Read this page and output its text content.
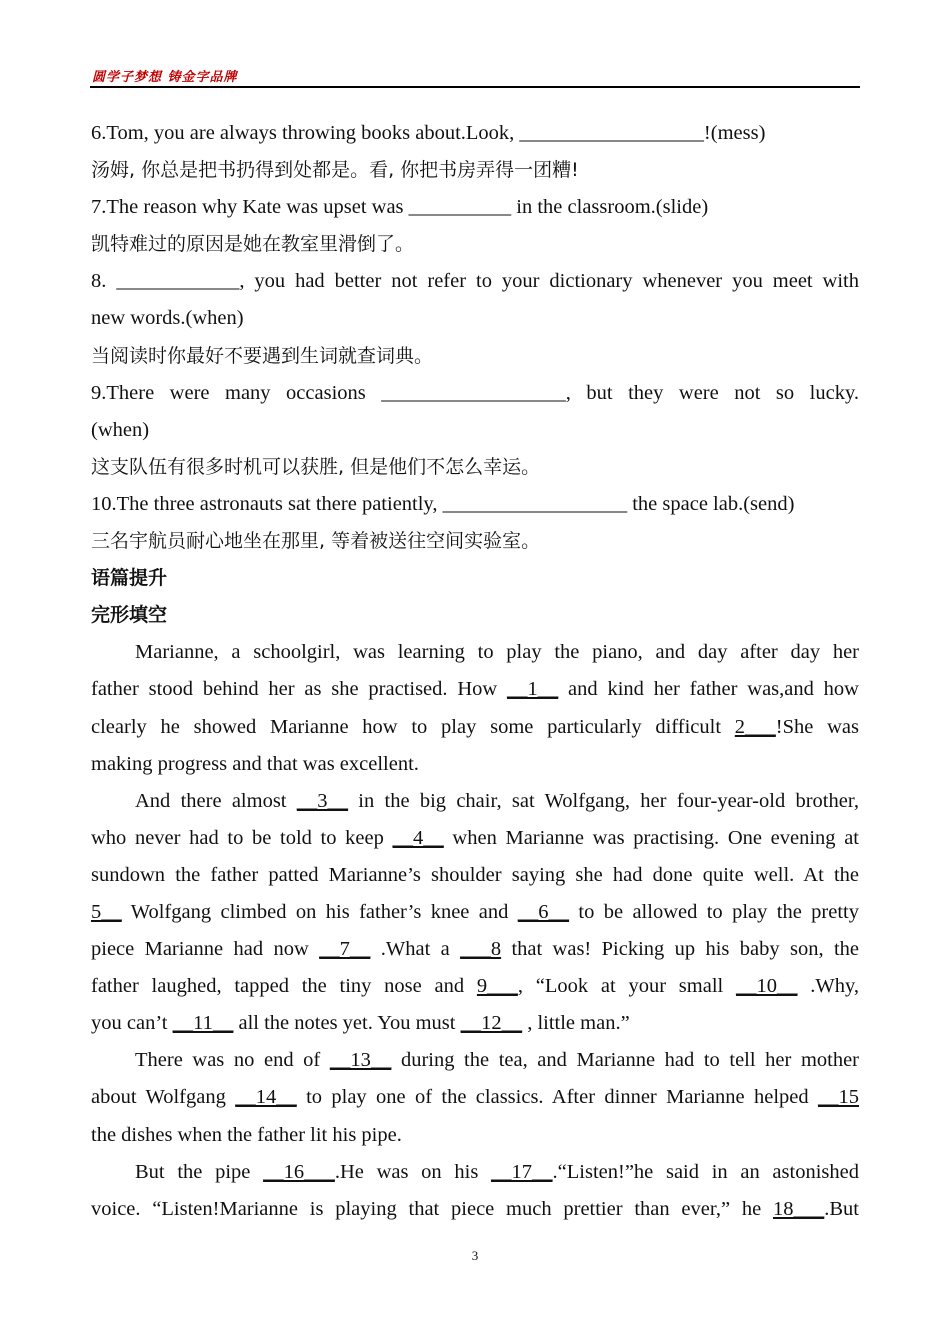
圆学子梦想 铸金字品牌
6.Tom, you are always throwing books about.Look, __________________!(mess)
汤姆, 你总是把书扔得到处都是。看, 你把书房弄得一团糟!
7.The reason why Kate was upset was __________ in the classroom.(slide)
凯特难过的原因是她在教室里滑倒了。
8. ____________, you had better not refer to your dictionary whenever you meet with
new words.(when)
当阅读时你最好不要遇到生词就查词典。
9.There were many occasions __________________, but they were not so lucky.
(when)
这支队伍有很多时机可以获胜, 但是他们不怎么幸运。
10.The three astronauts sat there patiently, __________________ the space lab.(send)
三名宇航员耐心地坐在那里, 等着被送往空间实验室。
语篇提升
完形填空
Marianne, a schoolgirl, was learning to play the piano, and day after day her
father stood behind her as she practised. How __1__ and kind her father was,and how
clearly he showed Marianne how to play some particularly difficult 2___!She was
making progress and that was excellent.
And there almost __3__ in the big chair, sat Wolfgang, her four-year-old brother,
who never had to be told to keep __4__ when Marianne was practising. One evening at
sundown the father patted Marianne’s shoulder saying she had done quite well. At the
5__ Wolfgang climbed on his father’s knee and __6__ to be allowed to play the pretty
piece Marianne had now __7__ .What a ___8 that was! Picking up his baby son, the
father laughed, tapped the tiny nose and 9___, “Look at your small __10__ .Why,
you can’t __11__ all the notes yet. You must __12__ , little man.”
There was no end of __13__ during the tea, and Marianne had to tell her mother
about Wolfgang __14__ to play one of the classics. After dinner Marianne helped __15
the dishes when the father lit his pipe.
But the pipe __16___.He was on his __17__.“Listen!”he said in an astonished
voice. “Listen!Marianne is playing that piece much prettier than ever,” he 18___.But
3
